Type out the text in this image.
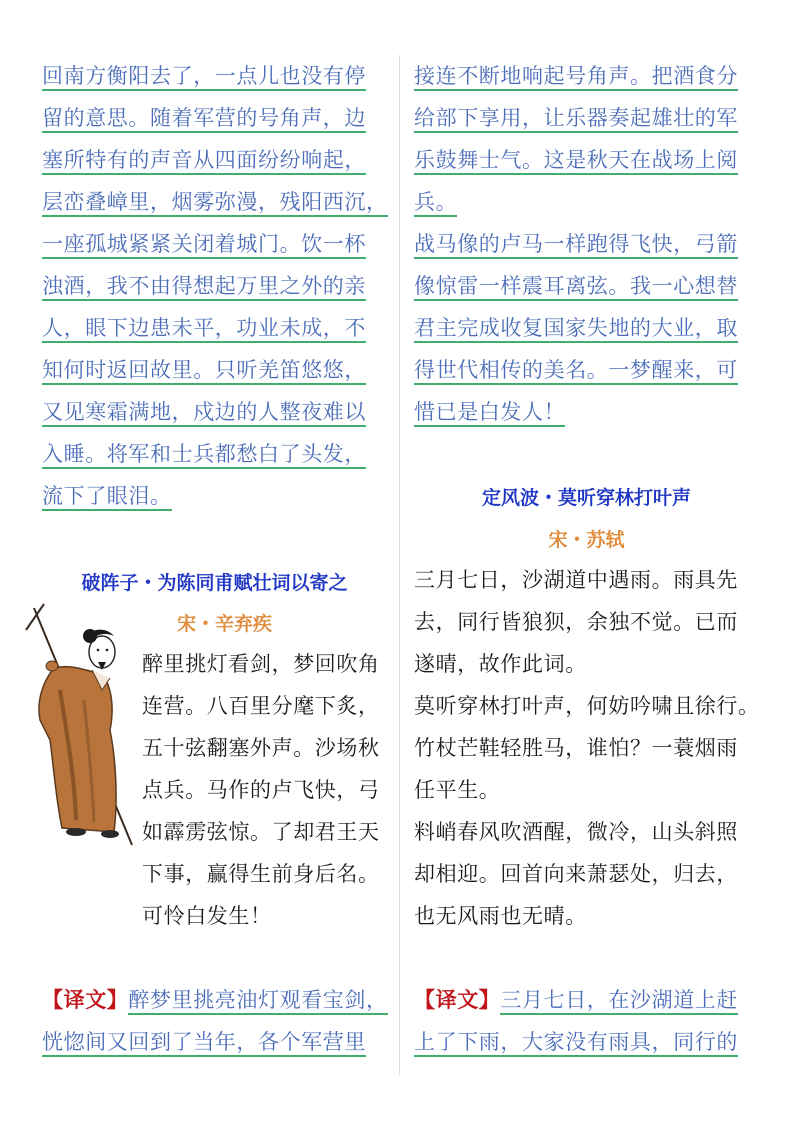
回南方衡阳去了，一点儿也没有停
留的意思。随着军营的号角声，边
塞所特有的声音从四面纷纷响起，
层峦叠嶂里，烟雾弥漫，残阳西沉，
一座孤城紧紧关闭着城门。饮一杯
浊酒，我不由得想起万里之外的亲
人，眼下边患未平，功业未成，不
知何时返回故里。只听羌笛悠悠，
又见寒霜满地，戍边的人整夜难以
入睡。将军和士兵都愁白了头发，
流下了眼泪。
破阵子・为陈同甫赋壮词以寄之
宋・辛弃疾
醉里挑灯看剑，梦回吹角
连营。八百里分麾下炙，
五十弦翻塞外声。沙场秋
点兵。马作的卢飞快，弓
如霹雳弦惊。了却君王天
下事，赢得生前身后名。
可怜白发生！
【译文】醉梦里挑亮油灯观看宝剑，
恍惚间又回到了当年，各个军营里
接连不断地响起号角声。把酒食分
给部下享用，让乐器奏起雄壮的军
乐鼓舞士气。这是秋天在战场上阅
兵。
战马像的卢马一样跑得飞快，弓箭
像惊雷一样震耳离弦。我一心想替
君主完成收复国家失地的大业，取
得世代相传的美名。一梦醒来，可
惜已是白发人！
定风波・莫听穿林打叶声
宋・苏轼
三月七日，沙湖道中遇雨。雨具先
去，同行皆狼狈，余独不觉。已而
遂晴，故作此词。
莫听穿林打叶声，何妨吟啸且徐行。
竹杖芒鞋轻胜马，谁怕？一蓑烟雨
任平生。
料峭春风吹酒醒，微冷，山头斜照
却相迎。回首向来萧瑟处，归去，
也无风雨也无晴。
【译文】三月七日，在沙湖道上赶
上了下雨，大家没有雨具，同行的
